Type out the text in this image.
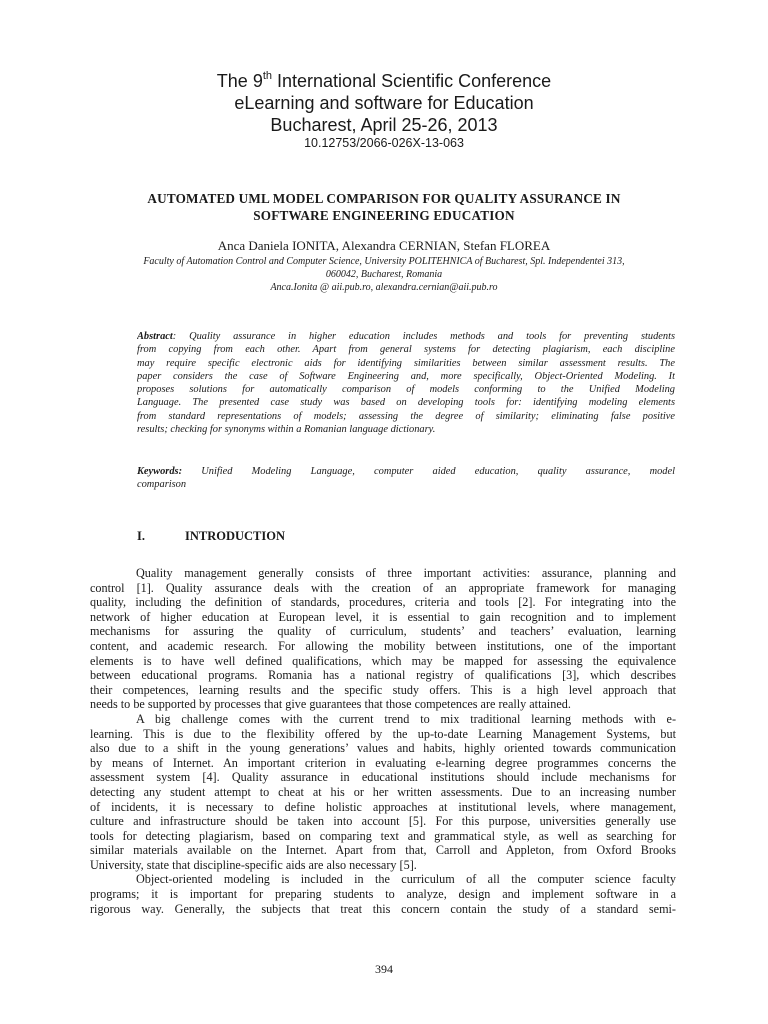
The 9th International Scientific Conference
eLearning and software for Education
Bucharest, April 25-26, 2013
10.12753/2066-026X-13-063
AUTOMATED UML MODEL COMPARISON FOR QUALITY ASSURANCE IN
SOFTWARE ENGINEERING EDUCATION
Anca Daniela IONITA, Alexandra CERNIAN, Stefan FLOREA
Faculty of Automation Control and Computer Science, University POLITEHNICA of Bucharest, Spl. Independentei 313,
060042, Bucharest, Romania
Anca.Ionita @ aii.pub.ro, alexandra.cernian@aii.pub.ro
Abstract: Quality assurance in higher education includes methods and tools for preventing students
from copying from each other. Apart from general systems for detecting plagiarism, each discipline
may require specific electronic aids for identifying similarities between similar assessment results. The
paper considers the case of Software Engineering and, more specifically, Object-Oriented Modeling. It
proposes solutions for automatically comparison of models conforming to the Unified Modeling
Language. The presented case study was based on developing tools for: identifying modeling elements
from standard representations of models; assessing the degree of similarity; eliminating false positive
results; checking for synonyms within a Romanian language dictionary.
Keywords: Unified Modeling Language, computer aided education, quality assurance, model
comparison
I.	INTRODUCTION
Quality management generally consists of three important activities: assurance, planning and
control [1]. Quality assurance deals with the creation of an appropriate framework for managing
quality, including the definition of standards, procedures, criteria and tools [2]. For integrating into the
network of higher education at European level, it is essential to gain recognition and to implement
mechanisms for assuring the quality of curriculum, students’ and teachers’ evaluation, learning
content, and academic research. For allowing the mobility between institutions, one of the important
elements is to have well defined qualifications, which may be mapped for assessing the equivalence
between educational programs. Romania has a national registry of qualifications [3], which describes
their competences, learning results and the specific study offers. This is a high level approach that
needs to be supported by processes that give guarantees that those competences are really attained.
A big challenge comes with the current trend to mix traditional learning methods with e-
learning. This is due to the flexibility offered by the up-to-date Learning Management Systems, but
also due to a shift in the young generations’ values and habits, highly oriented towards communication
by means of Internet. An important criterion in evaluating e-learning degree programmes concerns the
assessment system [4]. Quality assurance in educational institutions should include mechanisms for
detecting any student attempt to cheat at his or her written assessments. Due to an increasing number
of incidents, it is necessary to define holistic approaches at institutional levels, where management,
culture and infrastructure should be taken into account [5]. For this purpose, universities generally use
tools for detecting plagiarism, based on comparing text and grammatical style, as well as searching for
similar materials available on the Internet. Apart from that, Carroll and Appleton, from Oxford Brooks
University, state that discipline-specific aids are also necessary [5].
Object-oriented modeling is included in the curriculum of all the computer science faculty
programs; it is important for preparing students to analyze, design and implement software in a
rigorous way. Generally, the subjects that treat this concern contain the study of a standard semi-
394
